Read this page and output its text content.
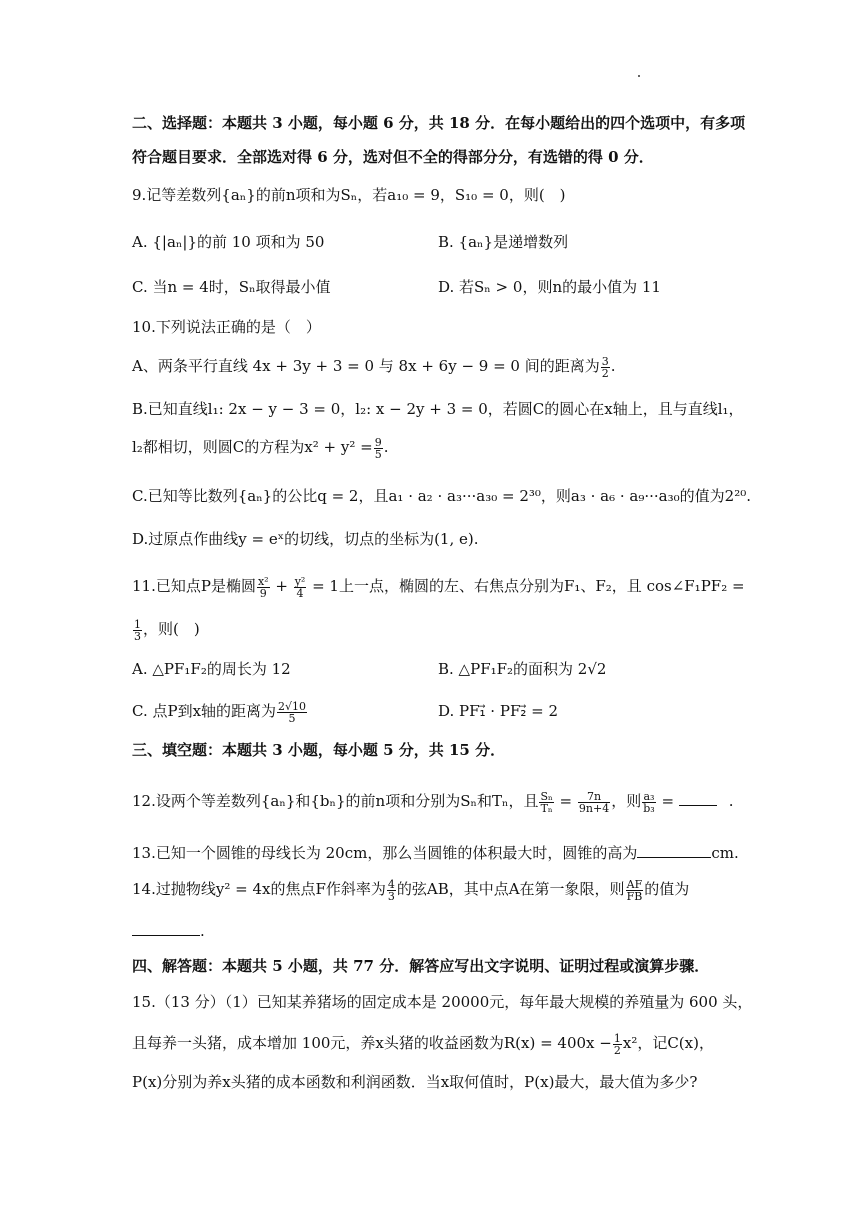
二、选择题：本题共 3 小题，每小题 6 分，共 18 分．在每小题给出的四个选项中，有多项
符合题目要求．全部选对得 6 分，选对但不全的得部分分，有选错的得 0 分．
9.记等差数列{aₙ}的前n项和为Sₙ，若a₁₀ = 9，S₁₀ = 0，则(　)
A. {|aₙ|}的前 10 项和为 50	B. {aₙ}是递增数列
C. 当n = 4时，Sₙ取得最小值	D. 若Sₙ > 0，则n的最小值为 11
10.下列说法正确的是（　）
A、两条平行直线 4x + 3y + 3 = 0 与 8x + 6y − 9 = 0 间的距离为 $\frac{3}{2}$ .
B.已知直线l₁: 2x − y − 3 = 0，l₂: x − 2y + 3 = 0，若圆C的圆心在x轴上，且与直线l₁，
l₂都相切，则圆C的方程为$x^2 + y^2 = \frac{9}{5}$ .
C.已知等比数列{aₙ}的公比q = 2，且a₁ · a₂ · a₃···a₃₀ = 2³⁰，则a₃ · a₆ · a₉···a₃₀的值为2²⁰.
D.过原点作曲线y = eˣ的切线，切点的坐标为(1, e).
11.已知点P是椭圆 $\frac{\text{x²}}{9} + \frac{\text{y²}}{4} = 1$上一点，椭圆的左、右焦点分别为F₁、F₂，且 cos∠F₁PF₂ =
$\frac{1}{3}$ ，则(　)
A. △PF₁F₂的周长为 12	B. △PF₁F₂的面积为 2√2
C. 点P到x轴的距离为 $\frac{2√10}{5}$	D. PF₁⃗ · PF₂⃗ = 2
三、填空题：本题共 3 小题，每小题 5 分，共 15 分．
12.设两个等差数列{aₙ}和{bₙ}的前n项和分别为Sₙ和Tₙ，且 $\frac{\text{Sₙ}}{\text{Tₙ}} = \frac{7n}{9n+4}$ ，则 $\frac{\text{a₃}}{\text{b₃}}$ =	.
13.已知一个圆锥的母线长为 20cm，那么当圆锥的体积最大时，圆锥的高为	cm.
14.过抛物线y² = 4x的焦点F作斜率为 $\frac{4}{3}$ 的弦AB，其中点A在第一象限，则 $\frac{AF}{FB}$ 的值为
.
四、解答题：本题共 5 小题，共 77 分．解答应写出文字说明、证明过程或演算步骤．
15.（13 分）（1）已知某养猪场的固定成本是 20000元，每年最大规模的养殖量为 600 头，
且每养一头猪，成本增加 100元，养x头猪的收益函数为$R(x) = 400x - \frac{1}{2} x^2$，记C(x)，
P(x)分别为养x头猪的成本函数和利润函数．当x取何值时，P(x)最大，最大值为多少?
